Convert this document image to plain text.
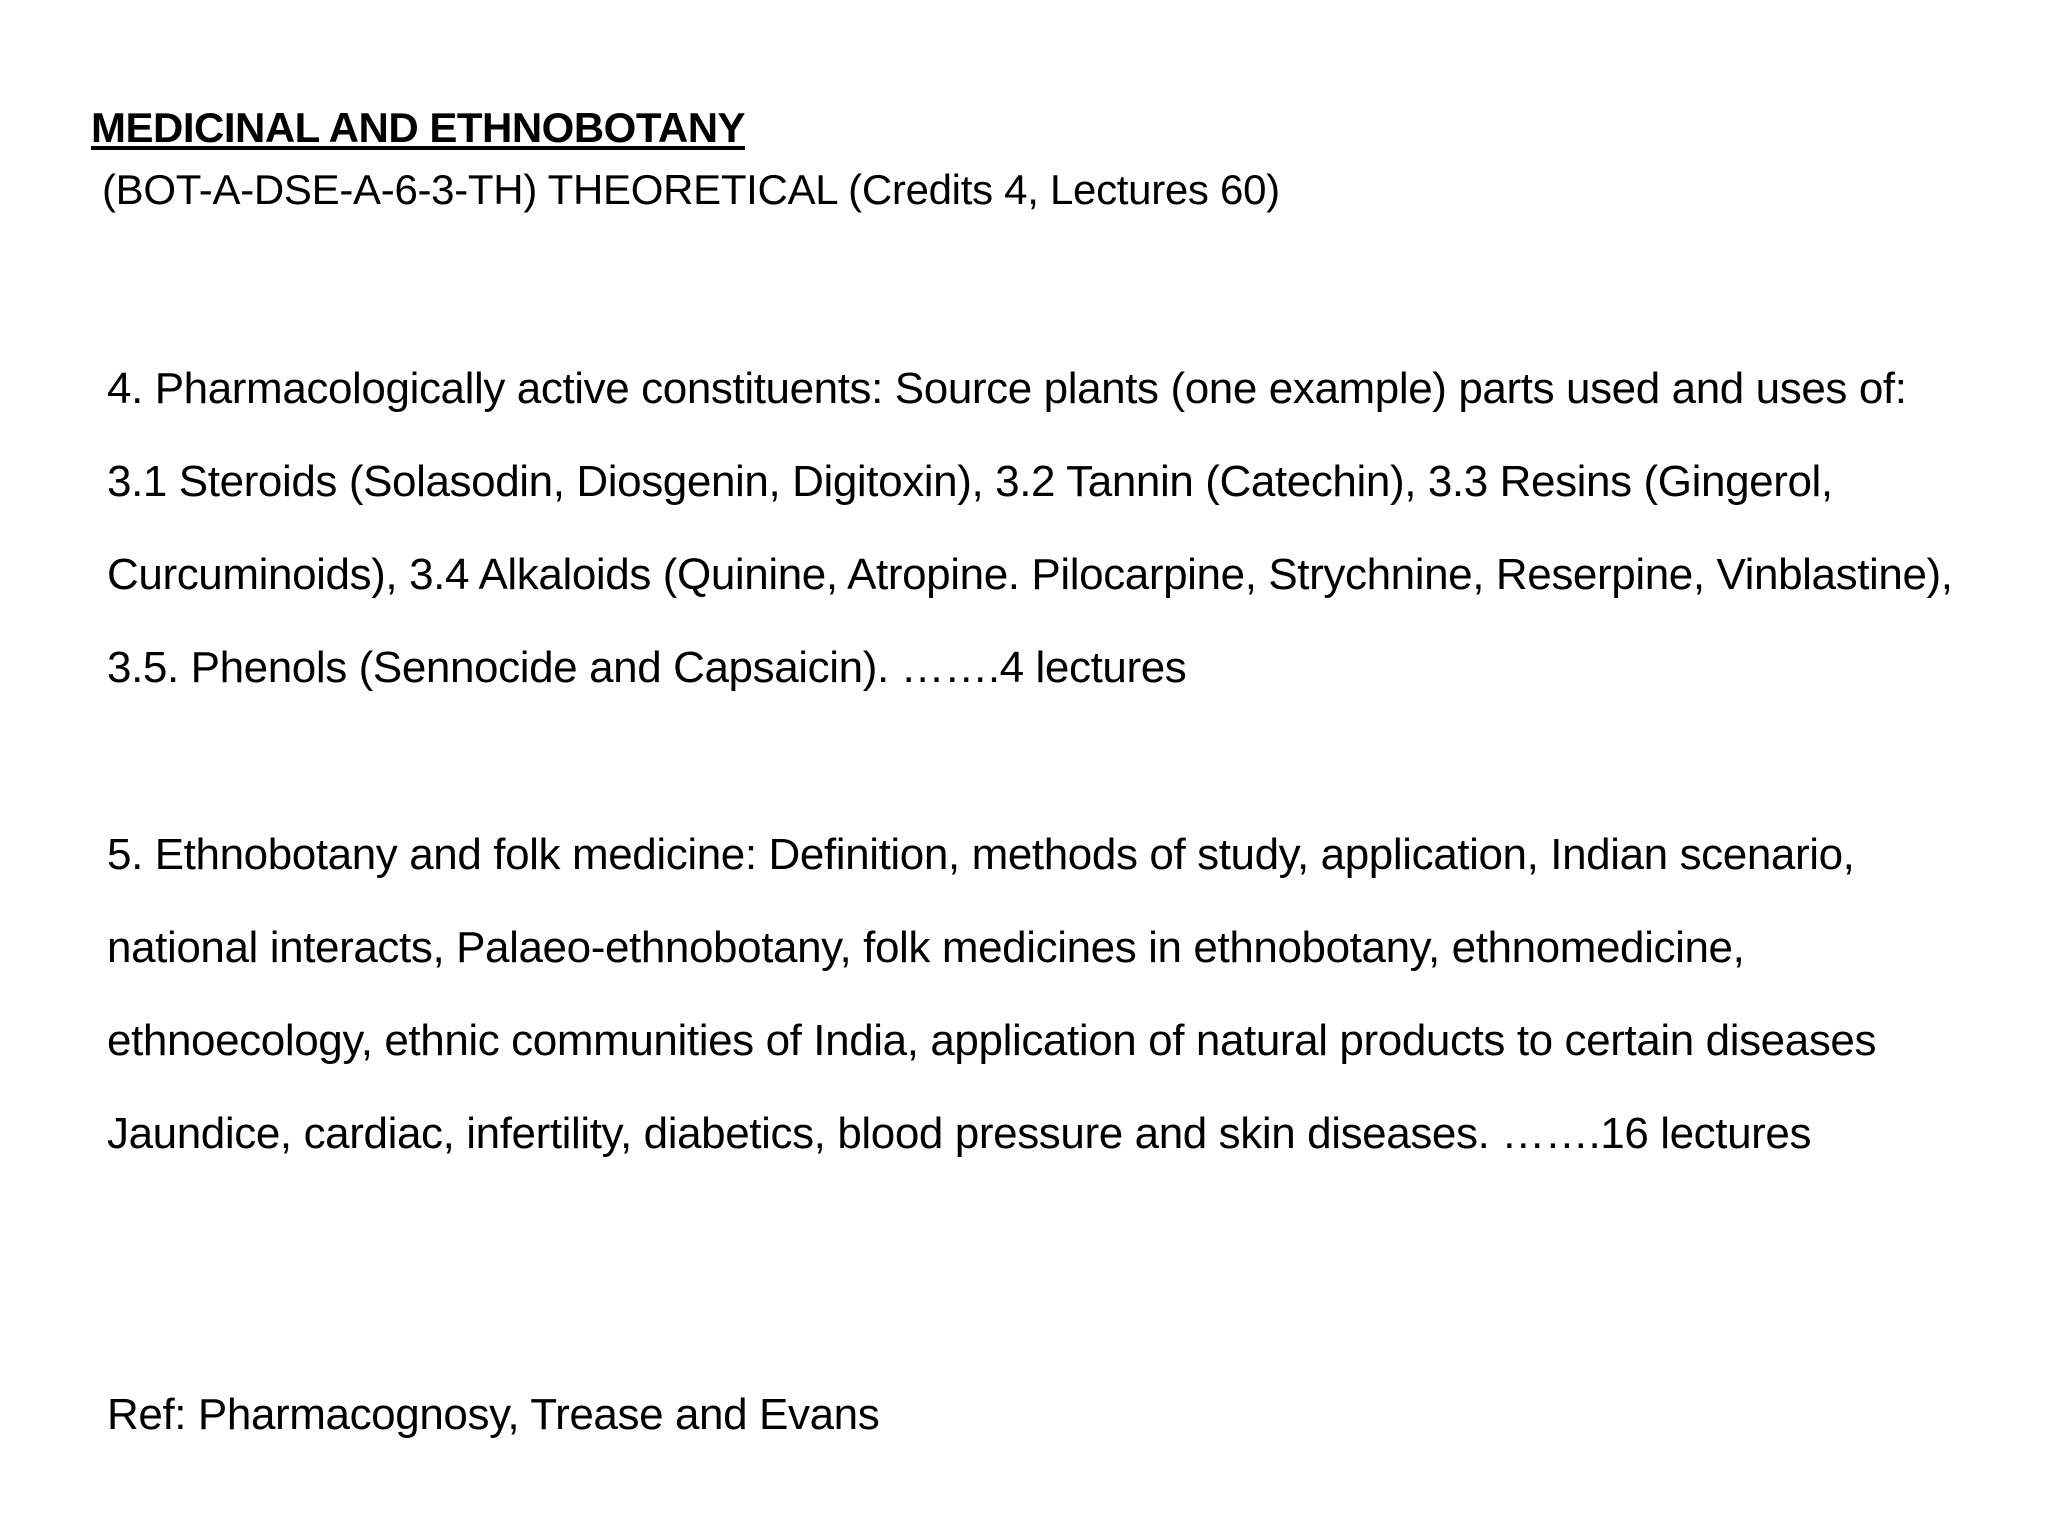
MEDICINAL AND ETHNOBOTANY
(BOT-A-DSE-A-6-3-TH) THEORETICAL (Credits 4, Lectures 60)

4. Pharmacologically active constituents: Source plants (one example) parts used and uses of: 3.1 Steroids (Solasodin, Diosgenin, Digitoxin), 3.2 Tannin (Catechin), 3.3 Resins (Gingerol, Curcuminoids), 3.4 Alkaloids (Quinine, Atropine. Pilocarpine, Strychnine, Reserpine, Vinblastine), 3.5. Phenols (Sennocide and Capsaicin). …….4 lectures

5. Ethnobotany and folk medicine: Definition, methods of study, application, Indian scenario, national interacts, Palaeo-ethnobotany, folk medicines in ethnobotany, ethnomedicine, ethnoecology, ethnic communities of India, application of natural products to certain diseases Jaundice, cardiac, infertility, diabetics, blood pressure and skin diseases. …….16 lectures

Ref: Pharmacognosy, Trease and Evans
